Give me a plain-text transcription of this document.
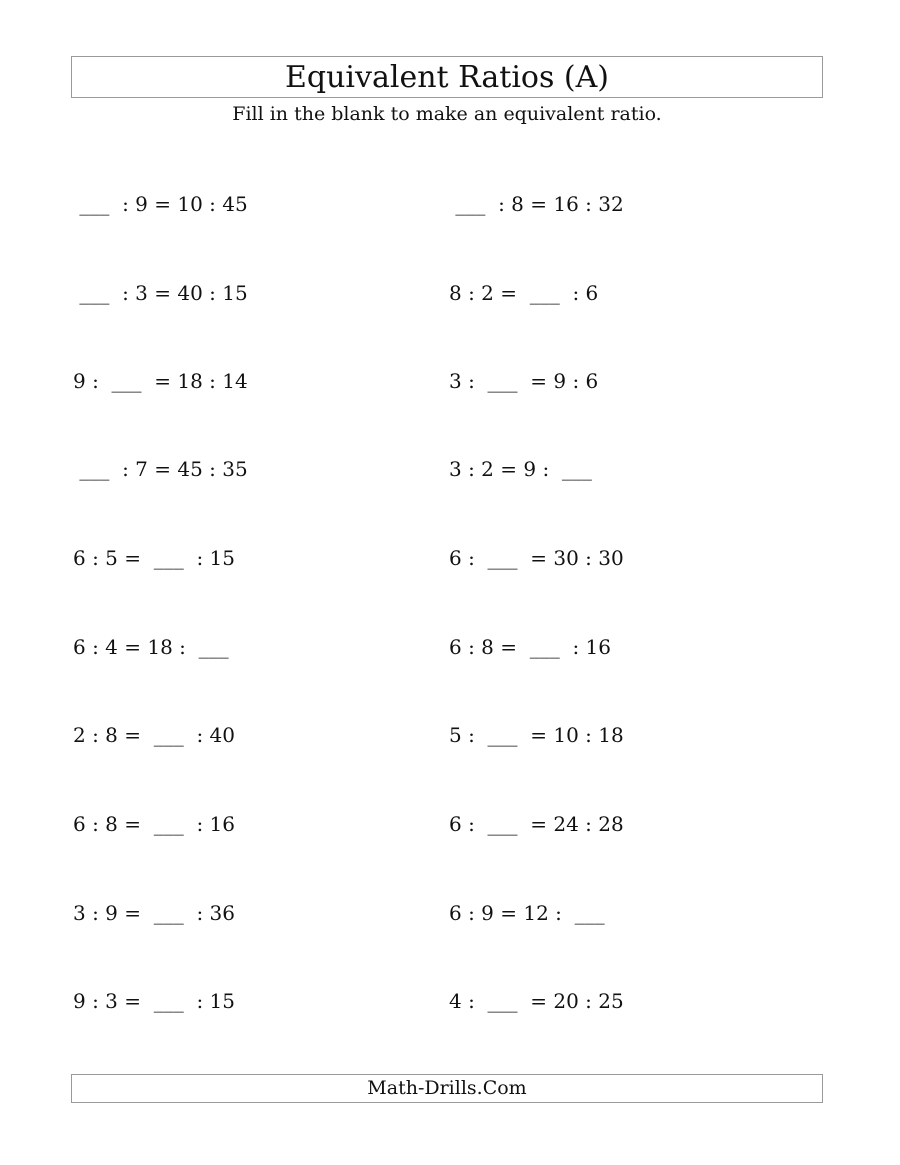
Equivalent Ratios (A)
Fill in the blank to make an equivalent ratio.
___  : 9 = 10 : 45
___  : 3 = 40 : 15
9 :  ___  = 18 : 14
___  : 7 = 45 : 35
6 : 5 =  ___  : 15
6 : 4 = 18 :  ___
2 : 8 =  ___  : 40
6 : 8 =  ___  : 16
3 : 9 =  ___  : 36
9 : 3 =  ___  : 15
___  : 8 = 16 : 32
8 : 2 =  ___  : 6
3 :  ___  = 9 : 6
3 : 2 = 9 :  ___
6 :  ___  = 30 : 30
6 : 8 =  ___  : 16
5 :  ___  = 10 : 18
6 :  ___  = 24 : 28
6 : 9 = 12 :  ___
4 :  ___  = 20 : 25
Math-Drills.Com
